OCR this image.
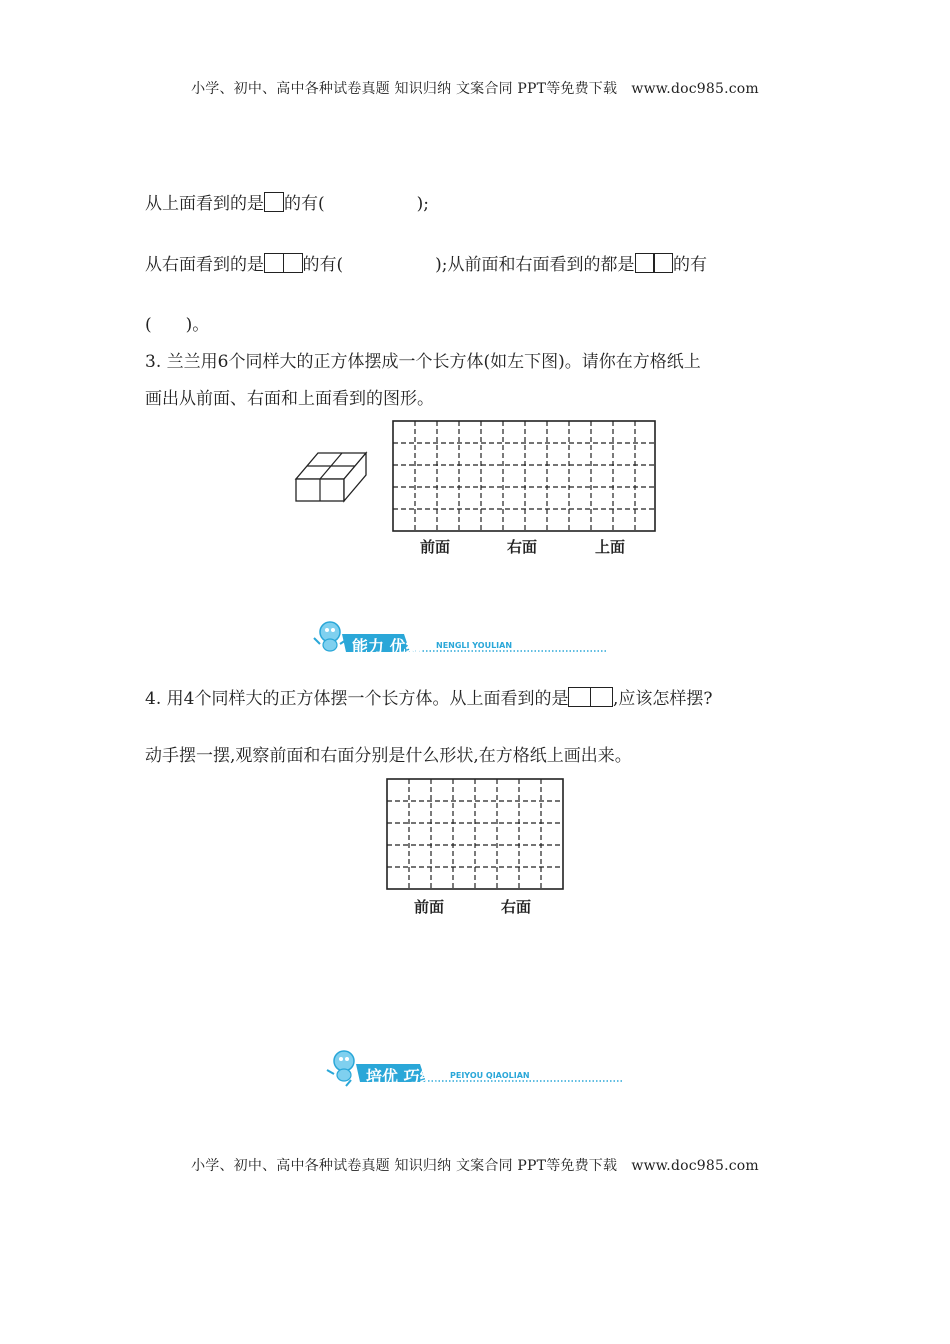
小学、初中、高中各种试卷真题 知识归纳 文案合同 PPT等免费下载　www.doc985.com
从上面看到的是 的有(	);
从右面看到的是 的有(	);从前面和右面看到的都是 的有
(　　)。
3. 兰兰用6个同样大的正方体摆成一个长方体(如左下图)。请你在方格纸上
画出从前面、右面和上面看到的图形。
前面	右面	上面
能力 优练 NENGLI YOULIAN
4. 用4个同样大的正方体摆一个长方体。从上面看到的是	,应该怎样摆?
动手摆一摆,观察前面和右面分别是什么形状,在方格纸上画出来。
前面	右面
培优 巧练 PEIYOU QIAOLIAN
小学、初中、高中各种试卷真题 知识归纳 文案合同 PPT等免费下载　www.doc985.com
